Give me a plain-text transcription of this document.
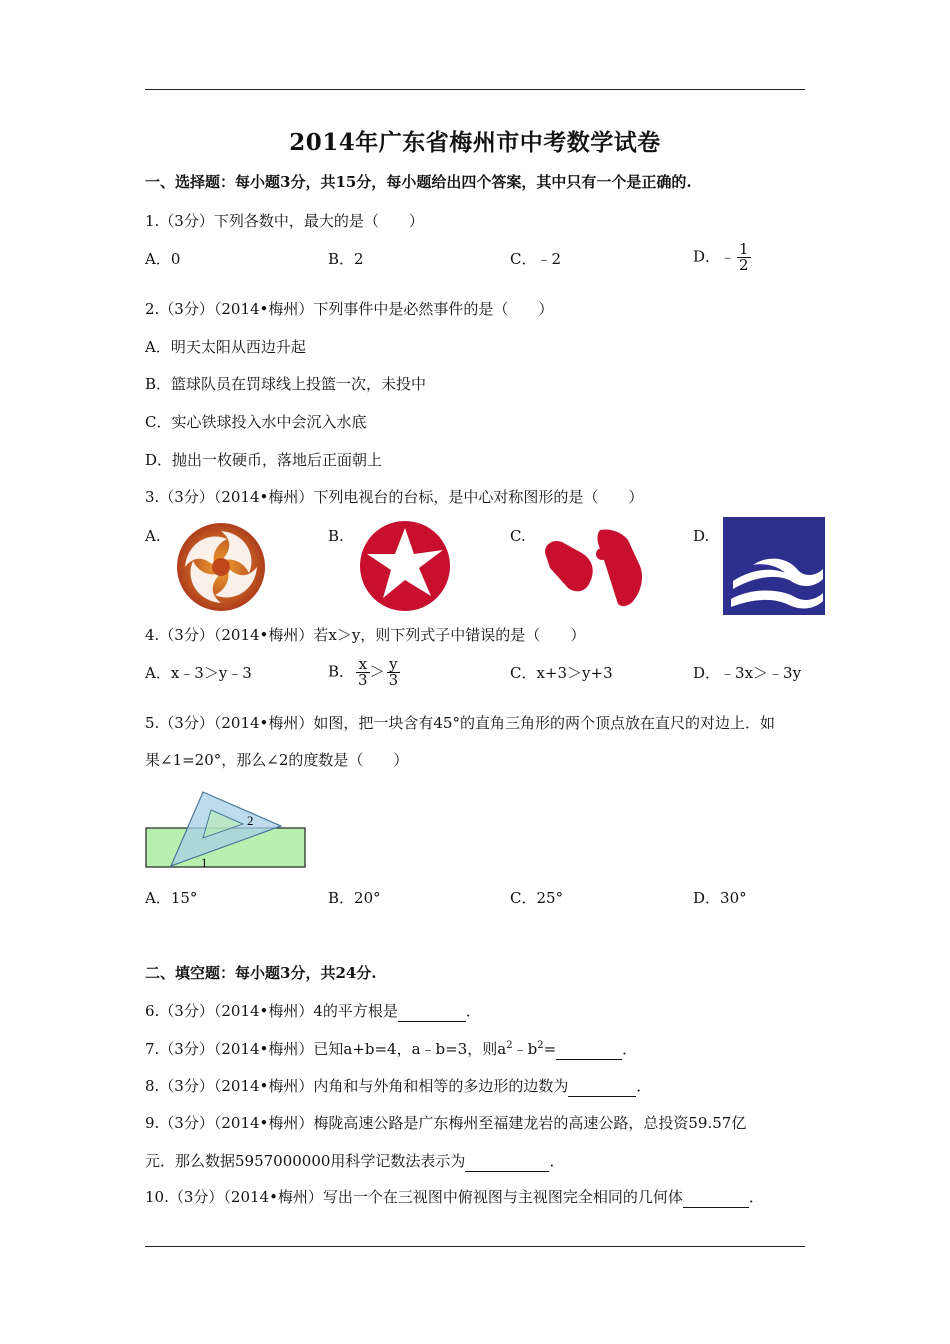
2014年广东省梅州市中考数学试卷
一、选择题：每小题3分，共15分，每小题给出四个答案，其中只有一个是正确的.
1.（3分）下列各数中，最大的是（　　）
A．0	B．2	C．﹣2	D．﹣ $\frac{1}{2}$
2.（3分）（2014•梅州）下列事件中是必然事件的是（　　）
A．明天太阳从西边升起
B．篮球队员在罚球线上投篮一次，未投中
C．实心铁球投入水中会沉入水底
D．抛出一枚硬币，落地后正面朝上
3.（3分）（2014•梅州）下列电视台的台标，是中心对称图形的是（　　）
A.	B.	C.	D.
4.（3分）（2014•梅州）若x＞y，则下列式子中错误的是（　　）
A．x﹣3＞y﹣3	B． $\frac{x}{3} > \frac{y}{3}$	C．x+3＞y+3	D．﹣3x＞﹣3y
5.（3分）（2014•梅州）如图，把一块含有45°的直角三角形的两个顶点放在直尺的对边上．如
果∠1=20°，那么∠2的度数是（　　）
2
1
A．15°	B．20°	C．25°	D．30°
二、填空题：每小题3分，共24分.
6.（3分）（2014•梅州）4的平方根是	．
7.（3分）（2014•梅州）已知a+b=4，a﹣b=3，则$a^2﹣b^2=$	．
8.（3分）（2014•梅州）内角和与外角和相等的多边形的边数为	．
9.（3分）（2014•梅州）梅陇高速公路是广东梅州至福建龙岩的高速公路，总投资59.57亿
元．那么数据5957000000用科学记数法表示为	．
10.（3分）（2014•梅州）写出一个在三视图中俯视图与主视图完全相同的几何体	．
